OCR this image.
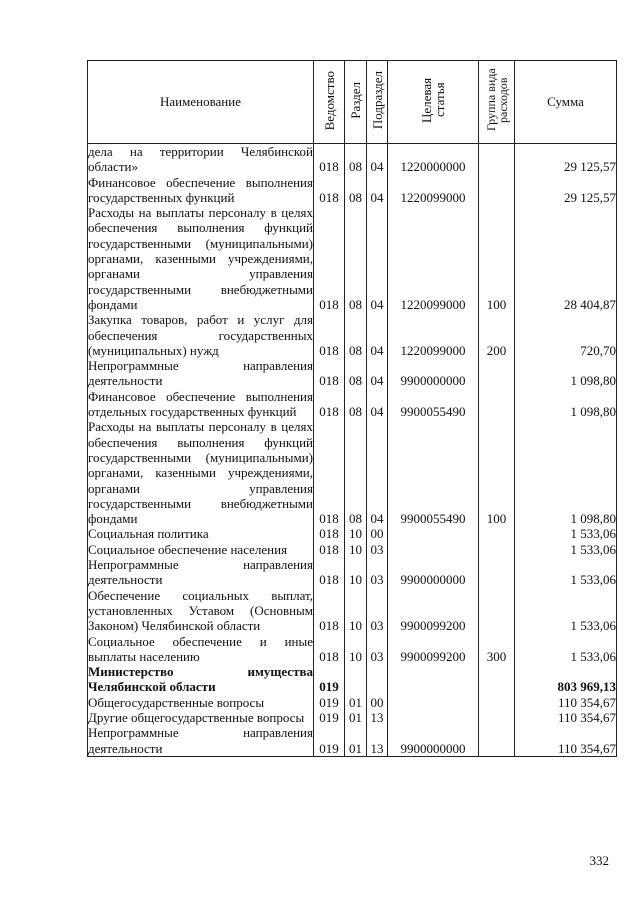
Наименование	Ведомство	Раздел	Подраздел	Целевая статья	Группа вида расходов	Сумма
дела на территории Челябинской области»	018	08	04	1220000000		29 125,57
Финансовое обеспечение выполнения государственных функций	018	08	04	1220099000		29 125,57
Расходы на выплаты персоналу в целях обеспечения выполнения функций государственными (муниципальными) органами, казенными учреждениями, органами управления государственными внебюджетными фондами	018	08	04	1220099000	100	28 404,87
Закупка товаров, работ и услуг для обеспечения государственных (муниципальных) нужд	018	08	04	1220099000	200	720,70
Непрограммные направления деятельности	018	08	04	9900000000		1 098,80
Финансовое обеспечение выполнения отдельных государственных функций	018	08	04	9900055490		1 098,80
Расходы на выплаты персоналу в целях обеспечения выполнения функций государственными (муниципальными) органами, казенными учреждениями, органами управления государственными внебюджетными фондами	018	08	04	9900055490	100	1 098,80
Социальная политика	018	10	00			1 533,06
Социальное обеспечение населения	018	10	03			1 533,06
Непрограммные направления деятельности	018	10	03	9900000000		1 533,06
Обеспечение социальных выплат, установленных Уставом (Основным Законом) Челябинской области	018	10	03	9900099200		1 533,06
Социальное обеспечение и иные выплаты населению	018	10	03	9900099200	300	1 533,06
Министерство имущества Челябинской области	019					803 969,13
Общегосударственные вопросы	019	01	00			110 354,67
Другие общегосударственные вопросы	019	01	13			110 354,67
Непрограммные направления деятельности	019	01	13	9900000000		110 354,67
332
